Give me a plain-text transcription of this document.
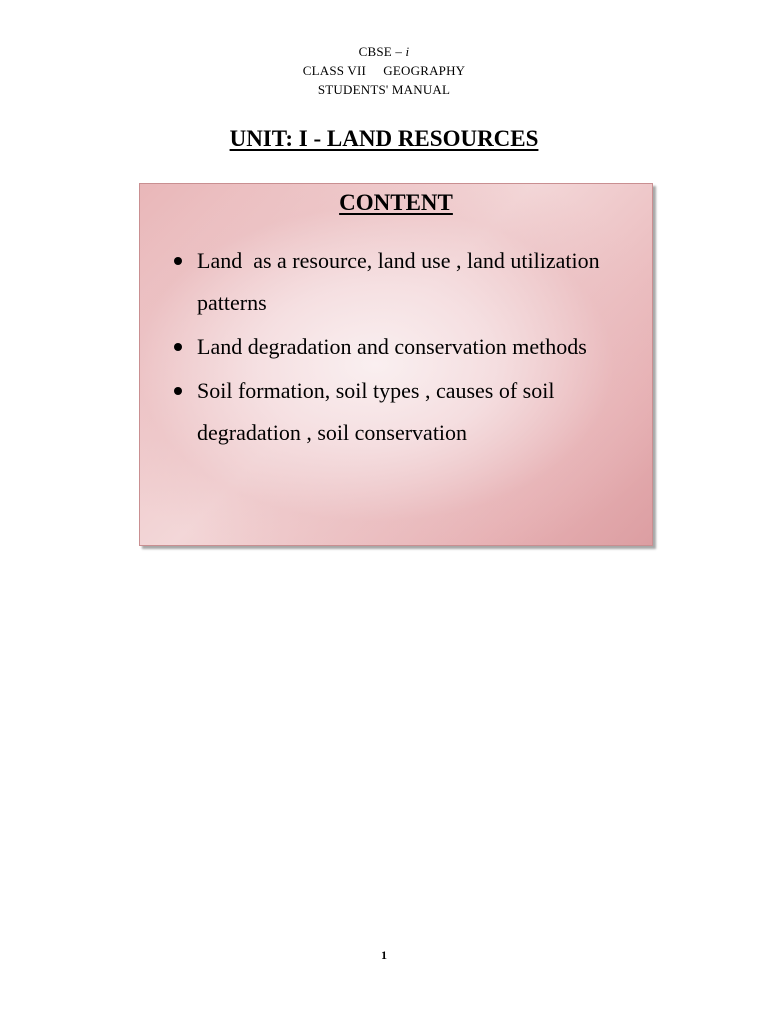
CBSE – i
CLASS VII     GEOGRAPHY
STUDENTS' MANUAL
UNIT: I - LAND RESOURCES
CONTENT
Land  as a resource, land use , land utilization patterns
Land degradation and conservation methods
Soil formation, soil types , causes of soil degradation , soil conservation
1
